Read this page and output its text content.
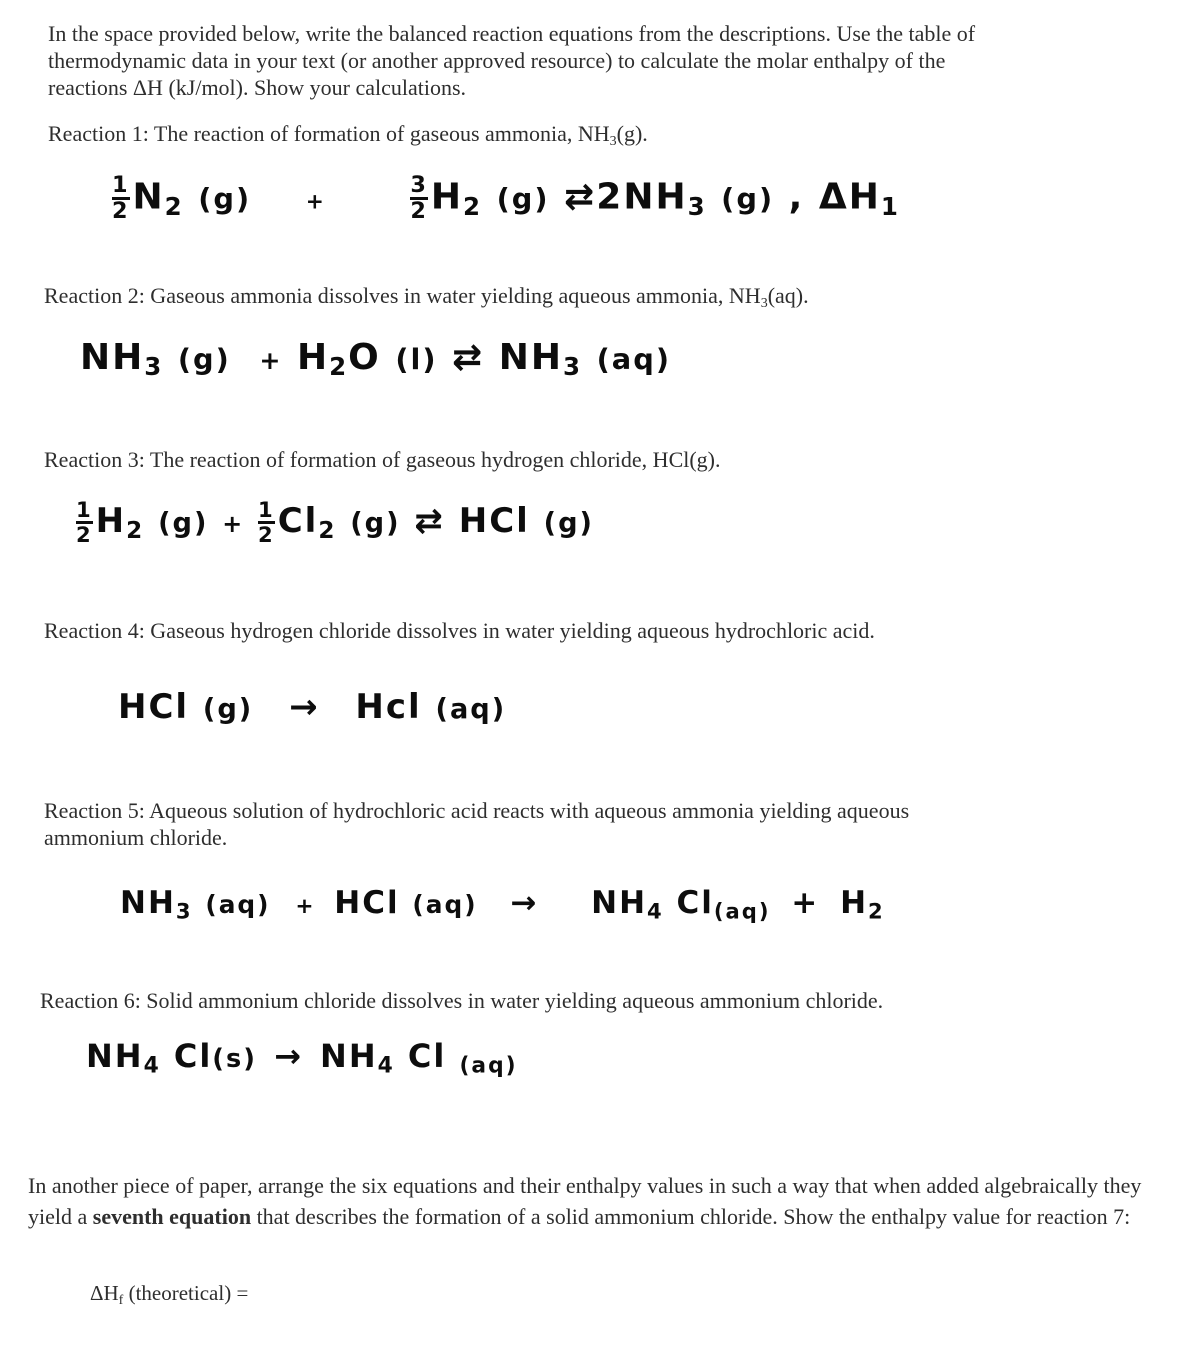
In the space provided below, write the balanced reaction equations from the descriptions. Use the table of thermodynamic data in your text (or another approved resource) to calculate the molar enthalpy of the reactions ΔH (kJ/mol). Show your calculations.

Reaction 1: The reaction of formation of gaseous ammonia, $NH_3(g)$.

$\frac{1}{2} N2$ (g)	+	$\frac{3}{2} H2$ (g) ⇄2NH3 (g) , ΔH1

Reaction 2: Gaseous ammonia dissolves in water yielding aqueous ammonia, $NH_3(aq)$.

NH3 (g) + H2O (l) ⇄ NH3 (aq)

Reaction 3: The reaction of formation of gaseous hydrogen chloride, HCl(g).

$\frac{1}{2} H2$ $(g) + \frac{1}{2} Cl2$ (g) ⇄ HCl (g)

Reaction 4: Gaseous hydrogen chloride dissolves in water yielding aqueous hydrochloric acid.

HCl (g) → Hcl (aq)

Reaction 5: Aqueous solution of hydrochloric acid reacts with aqueous ammonia yielding aqueous ammonium chloride.

NH3 (aq) + HCl (aq) → NH4 Cl(aq) + H2

Reaction 6: Solid ammonium chloride dissolves in water yielding aqueous ammonium chloride.

NH4 Cl(s) → NH4 Cl (aq)

In another piece of paper, arrange the six equations and their enthalpy values in such a way that when added algebraically they yield a seventh equation that describes the formation of a solid ammonium chloride. Show the enthalpy value for reaction 7:

$\Delta H_f$ (theoretical) =
